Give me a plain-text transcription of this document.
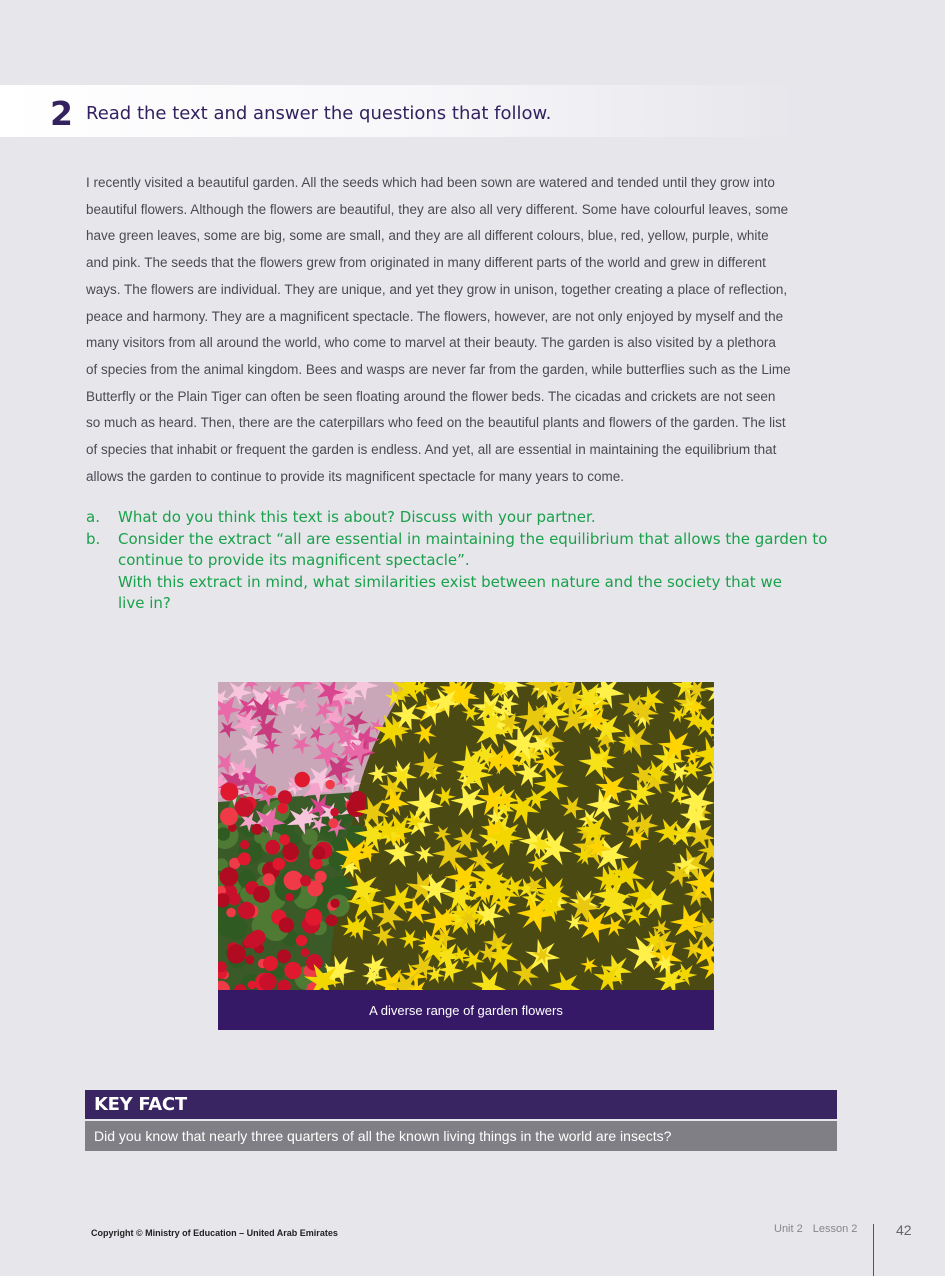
2 Read the text and answer the questions that follow.
I recently visited a beautiful garden. All the seeds which had been sown are watered and tended until they grow into
beautiful flowers. Although the flowers are beautiful, they are also all very different. Some have colourful leaves, some
have green leaves, some are big, some are small, and they are all different colours, blue, red, yellow, purple, white
and pink. The seeds that the flowers grew from originated in many different parts of the world and grew in different
ways. The flowers are individual. They are unique, and yet they grow in unison, together creating a place of reflection,
peace and harmony. They are a magnificent spectacle. The flowers, however, are not only enjoyed by myself and the
many visitors from all around the world, who come to marvel at their beauty. The garden is also visited by a plethora
of species from the animal kingdom. Bees and wasps are never far from the garden, while butterflies such as the Lime
Butterfly or the Plain Tiger can often be seen floating around the flower beds. The cicadas and crickets are not seen
so much as heard. Then, there are the caterpillars who feed on the beautiful plants and flowers of the garden. The list
of species that inhabit or frequent the garden is endless. And yet, all are essential in maintaining the equilibrium that
allows the garden to continue to provide its magnificent spectacle for many years to come.
a. What do you think this text is about? Discuss with your partner.
b. Consider the extract “all are essential in maintaining the equilibrium that allows the garden to
continue to provide its magnificent spectacle”.
With this extract in mind, what similarities exist between nature and the society that we
live in?
A diverse range of garden flowers
KEY FACT
Did you know that nearly three quarters of all the known living things in the world are insects?
Copyright © Ministry of Education – United Arab Emirates	Unit 2 Lesson 2	42
